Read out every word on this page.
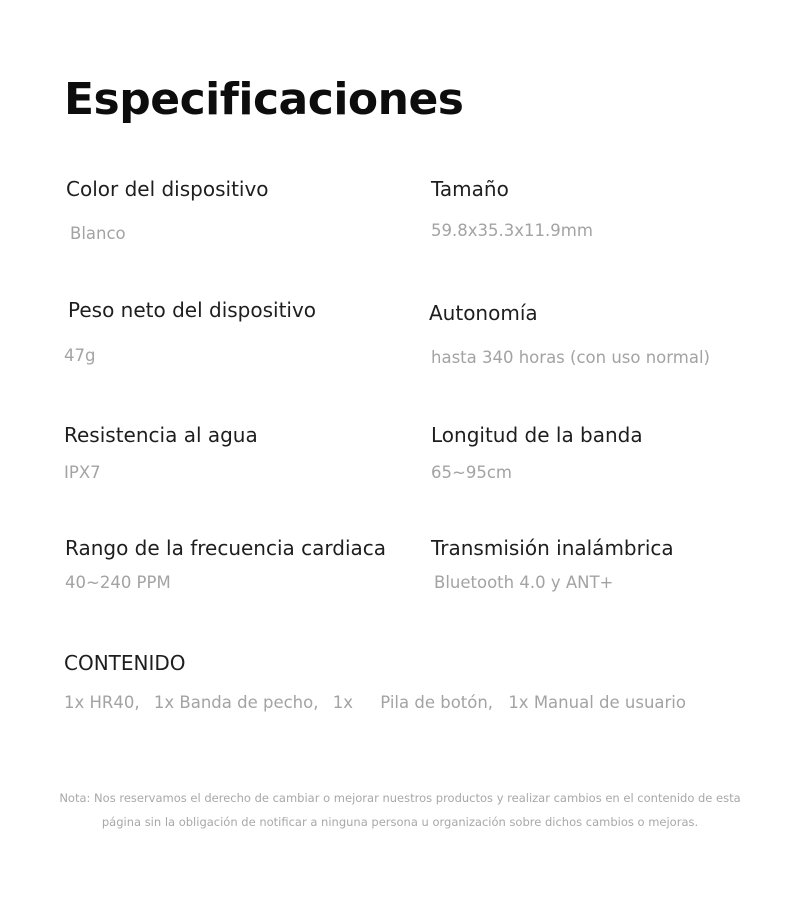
Especificaciones
Color del dispositivo
Blanco
Tamaño
59.8x35.3x11.9mm
Peso neto del dispositivo
47g
Autonomía
hasta 340 horas (con uso normal)
Resistencia al agua
IPX7
Longitud de la banda
65~95cm
Rango de la frecuencia cardiaca
40~240 PPM
Transmisión inalámbrica
Bluetooth 4.0 y ANT+
CONTENIDO
1x HR40, 1x Banda de pecho, 1x Pila de botón, 1x Manual de usuario
Nota: Nos reservamos el derecho de cambiar o mejorar nuestros productos y realizar cambios en el contenido de esta
página sin la obligación de notificar a ninguna persona u organización sobre dichos cambios o mejoras.
